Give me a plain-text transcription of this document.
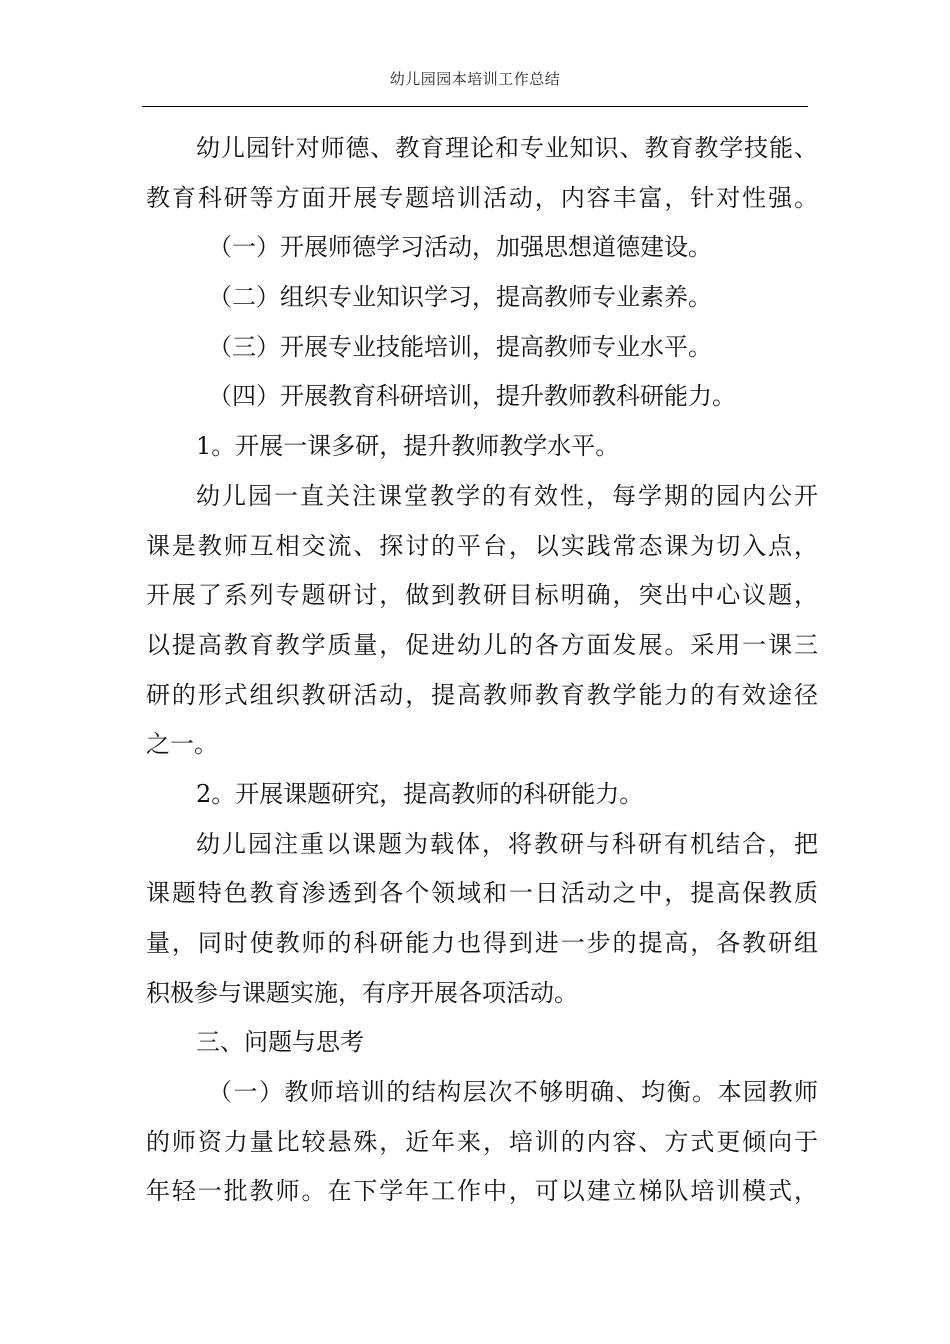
幼儿园园本培训工作总结
幼儿园针对师德、教育理论和专业知识、教育教学技能、
教育科研等方面开展专题培训活动，内容丰富，针对性强。
（一）开展师德学习活动，加强思想道德建设。
（二）组织专业知识学习，提高教师专业素养。
（三）开展专业技能培训，提高教师专业水平。
（四）开展教育科研培训，提升教师教科研能力。
1。开展一课多研，提升教师教学水平。
幼儿园一直关注课堂教学的有效性，每学期的园内公开
课是教师互相交流、探讨的平台，以实践常态课为切入点，
开展了系列专题研讨，做到教研目标明确，突出中心议题，
以提高教育教学质量，促进幼儿的各方面发展。采用一课三
研的形式组织教研活动，提高教师教育教学能力的有效途径
之一。
2。开展课题研究，提高教师的科研能力。
幼儿园注重以课题为载体，将教研与科研有机结合，把
课题特色教育渗透到各个领域和一日活动之中，提高保教质
量，同时使教师的科研能力也得到进一步的提高，各教研组
积极参与课题实施，有序开展各项活动。
三、问题与思考
（一）教师培训的结构层次不够明确、均衡。本园教师
的师资力量比较悬殊，近年来，培训的内容、方式更倾向于
年轻一批教师。在下学年工作中，可以建立梯队培训模式，
